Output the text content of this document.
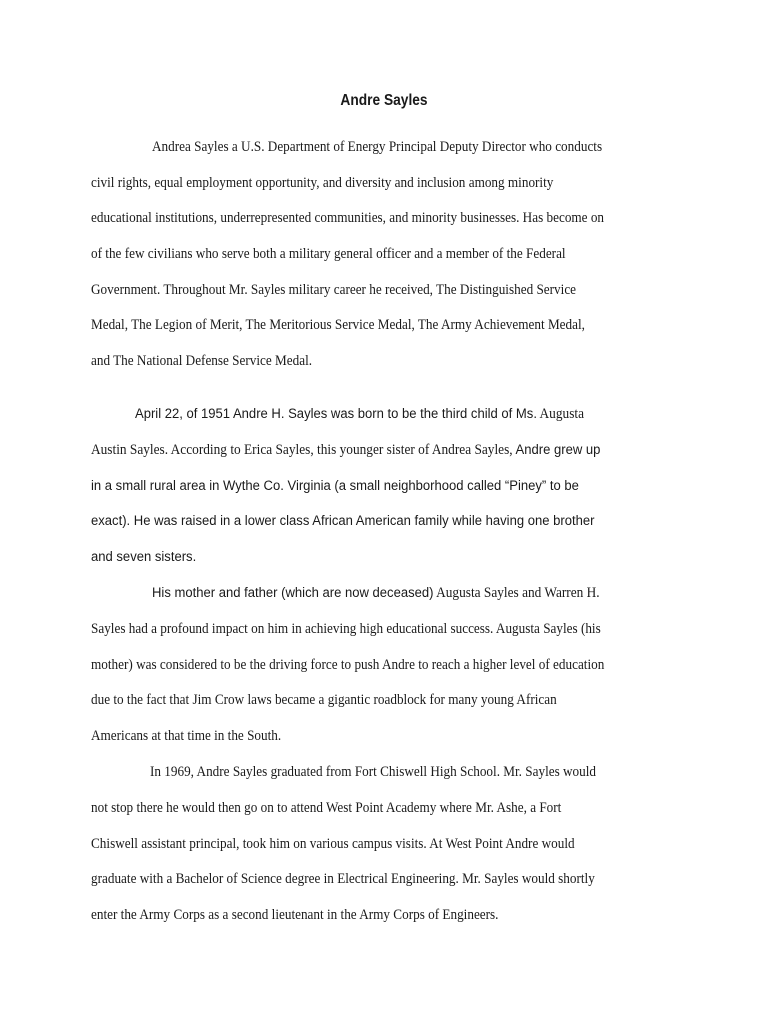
Andre Sayles
Andrea Sayles a U.S. Department of Energy Principal Deputy Director who conducts
civil rights, equal employment opportunity, and diversity and inclusion among minority
educational institutions, underrepresented communities, and minority businesses. Has become on
of the few civilians who serve both a military general officer and a member of the Federal
Government. Throughout Mr. Sayles military career he received, The Distinguished Service
Medal, The Legion of Merit, The Meritorious Service Medal, The Army Achievement Medal,
and The National Defense Service Medal.
April 22, of 1951 Andre H. Sayles was born to be the third child of Ms. Augusta
Austin Sayles. According to Erica Sayles, this younger sister of Andrea Sayles, Andre grew up
in a small rural area in Wythe Co. Virginia (a small neighborhood called “Piney” to be
exact). He was raised in a lower class African American family while having one brother
and seven sisters.
His mother and father (which are now deceased) Augusta Sayles and Warren H.
Sayles had a profound impact on him in achieving high educational success. Augusta Sayles (his
mother) was considered to be the driving force to push Andre to reach a higher level of education
due to the fact that Jim Crow laws became a gigantic roadblock for many young African
Americans at that time in the South.
In 1969, Andre Sayles graduated from Fort Chiswell High School. Mr. Sayles would
not stop there he would then go on to attend West Point Academy where Mr. Ashe, a Fort
Chiswell assistant principal, took him on various campus visits. At West Point Andre would
graduate with a Bachelor of Science degree in Electrical Engineering. Mr. Sayles would shortly
enter the Army Corps as a second lieutenant in the Army Corps of Engineers.
